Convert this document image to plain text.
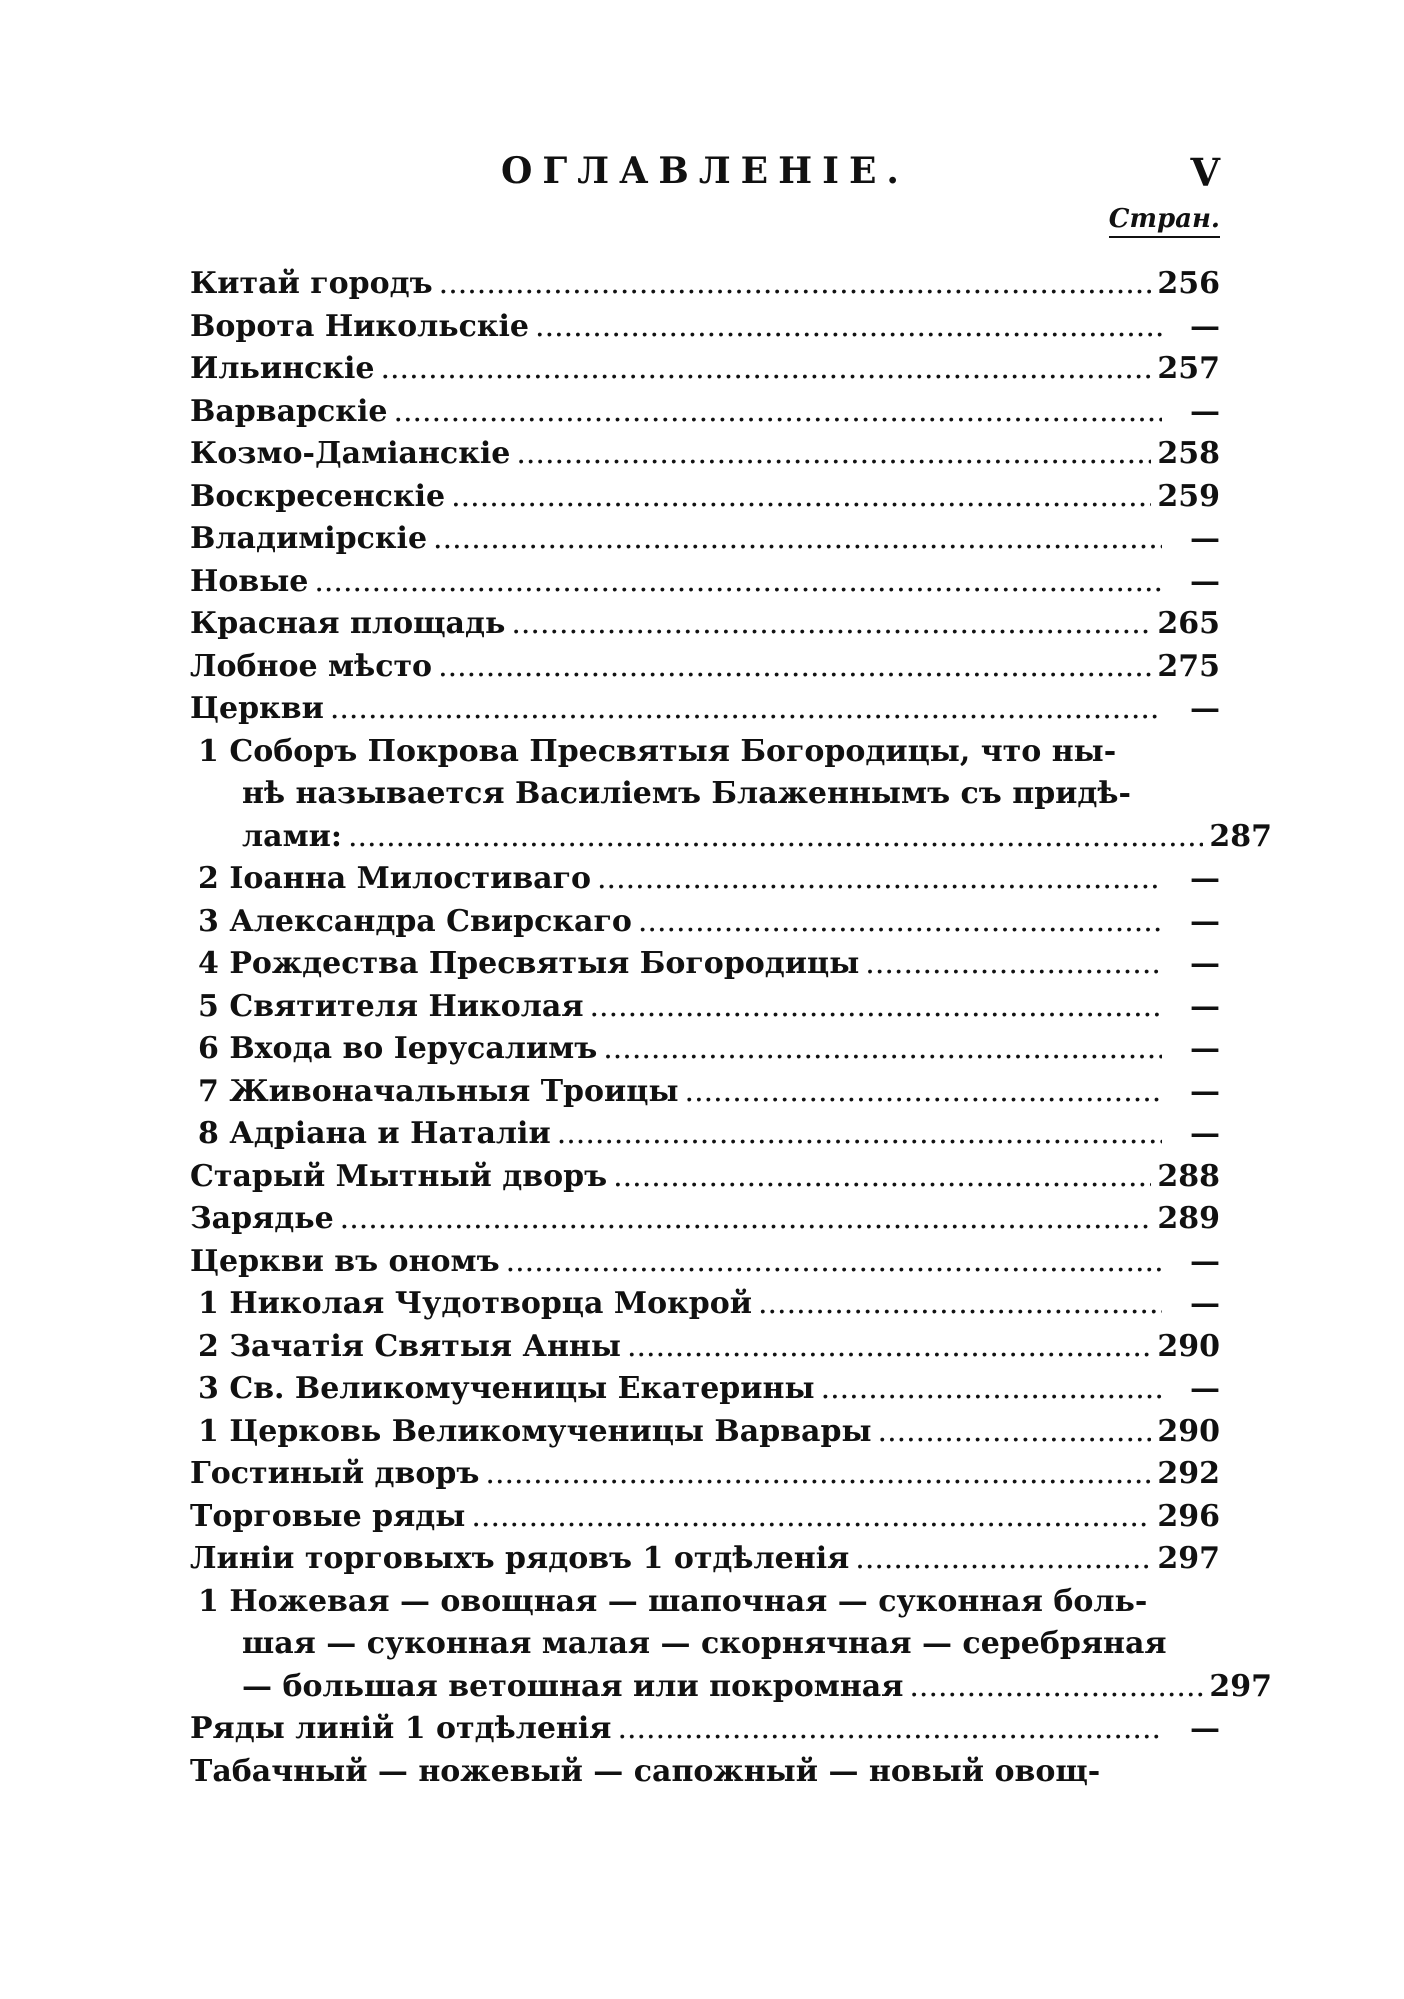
ОГЛАВЛЕНІЕ.	V
Стран.
Китай городъ .....	256
Ворота Никольскіе .....	—
Ильинскіе .....	257
Варварскіе .....	—
Козмо-Даміанскіе .....	258
Воскресенскіе .....	259
Владимірскіе .....	—
Новые .....	—
Красная площадь .....	265
Лобное мѣсто .....	275
Церкви .....	—
1 Соборъ Покрова Пресвятыя Богородицы, что ны-
нѣ называется Василіемъ Блаженнымъ съ придѣ-
лами: .....	287
2 Іоанна Милостиваго .....	—
3 Александра Свирскаго .....	—
4 Рождества Пресвятыя Богородицы .....	—
5 Святителя Николая .....	—
6 Входа во Іерусалимъ .....	—
7 Живоначальныя Троицы .....	—
8 Адріана и Наталіи .....	—
Старый Мытный дворъ .....	288
Зарядье .....	289
Церкви въ ономъ .....	—
1 Николая Чудотворца Мокрой .....	—
2 Зачатія Святыя Анны .....	290
3 Св. Великомученицы Екатерины .....	—
1 Церковь Великомученицы Варвары .....	290
Гостиный дворъ .....	292
Торговые ряды .....	296
Линіи торговыхъ рядовъ 1 отдѣленія .....	297
1 Ножевая — овощная — шапочная — суконная боль-
шая — суконная малая — скорнячная — серебряная
— большая ветошная или покромная .....	297
Ряды линій 1 отдѣленія .....	—
Табачный — ножевый — сапожный — новый овощ-
